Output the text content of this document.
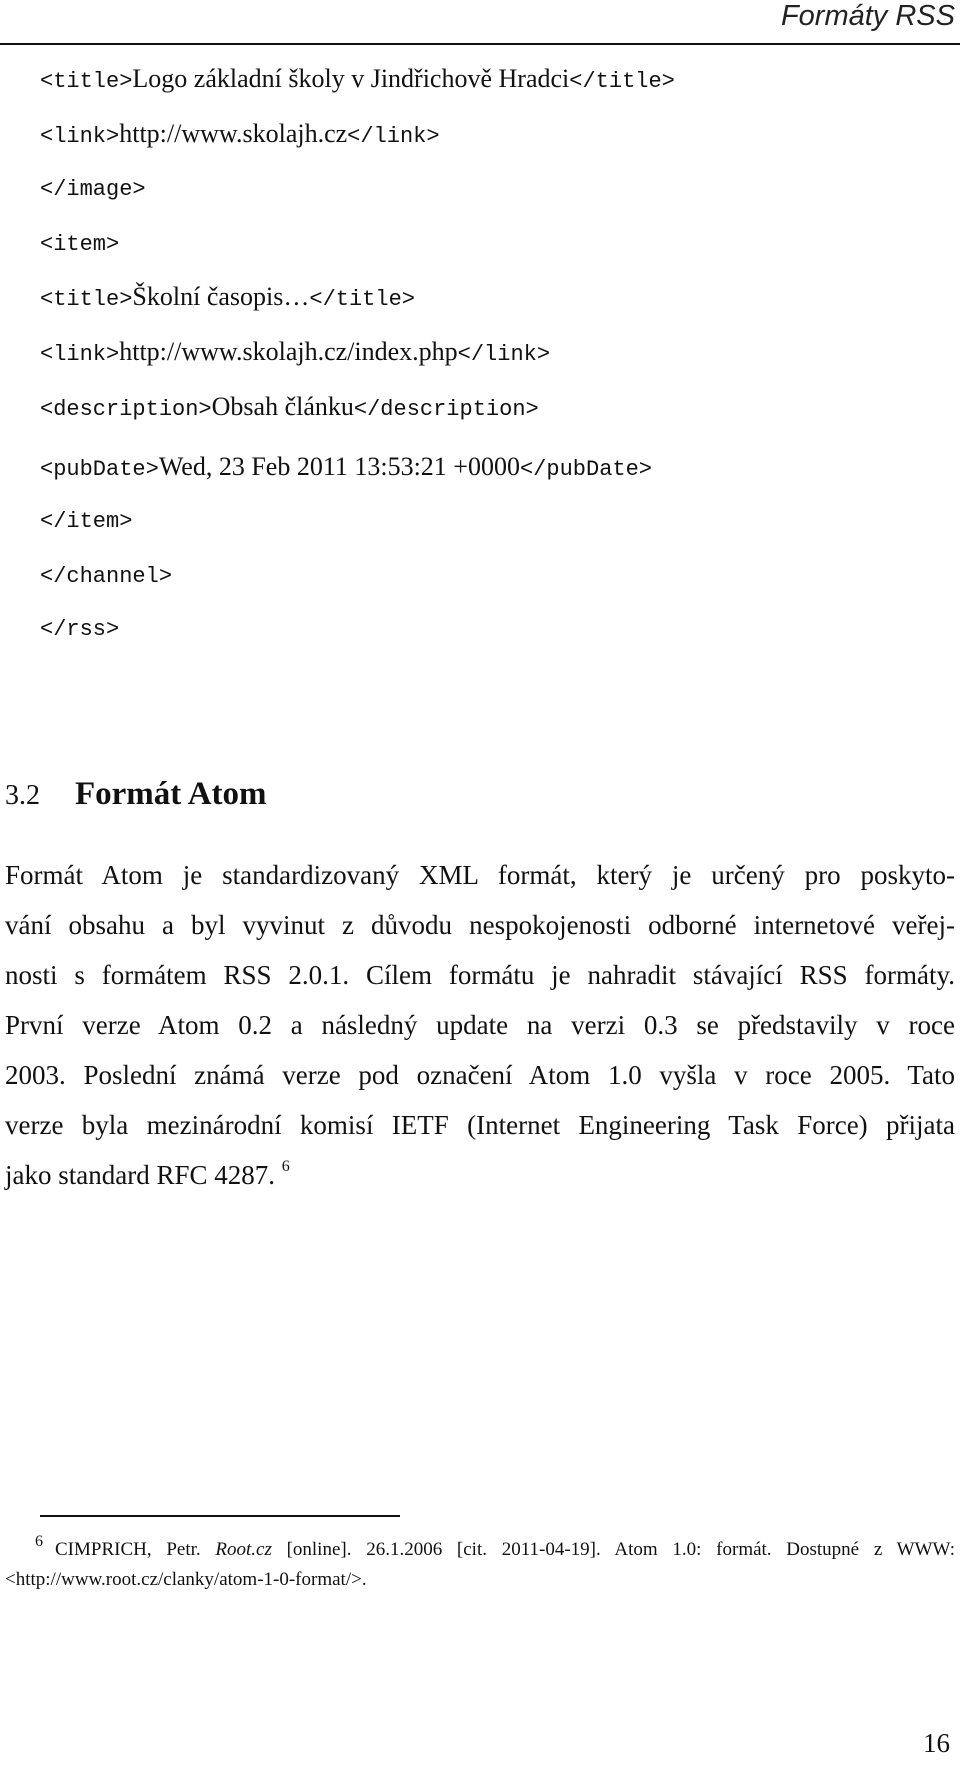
Formáty RSS
<title>Logo základní školy v Jindřichově Hradci</title>
<link>http://www.skolajh.cz</link>
</image>
<item>
<title>Školní časopis…</title>
<link>http://www.skolajh.cz/index.php</link>
<description>Obsah článku</description>
<pubDate>Wed, 23 Feb 2011 13:53:21 +0000</pubDate>
</item>
</channel>
</rss>
3.2 Formát Atom
Formát Atom je standardizovaný XML formát, který je určený pro poskyto-
vání obsahu a byl vyvinut z důvodu nespokojenosti odborné internetové veřej-
nosti s formátem RSS 2.0.1. Cílem formátu je nahradit stávající RSS formáty.
První verze Atom 0.2 a následný update na verzi 0.3 se představily v roce
2003. Poslední známá verze pod označení Atom 1.0 vyšla v roce 2005. Tato
verze byla mezinárodní komisí IETF (Internet Engineering Task Force) přijata
jako standard RFC 4287. $^6$
6 CIMPRICH, Petr. Root.cz [online]. 26.1.2006 [cit. 2011-04-19]. Atom 1.0: formát. Dostupné z WWW:
<http://www.root.cz/clanky/atom-1-0-format/>.
16
